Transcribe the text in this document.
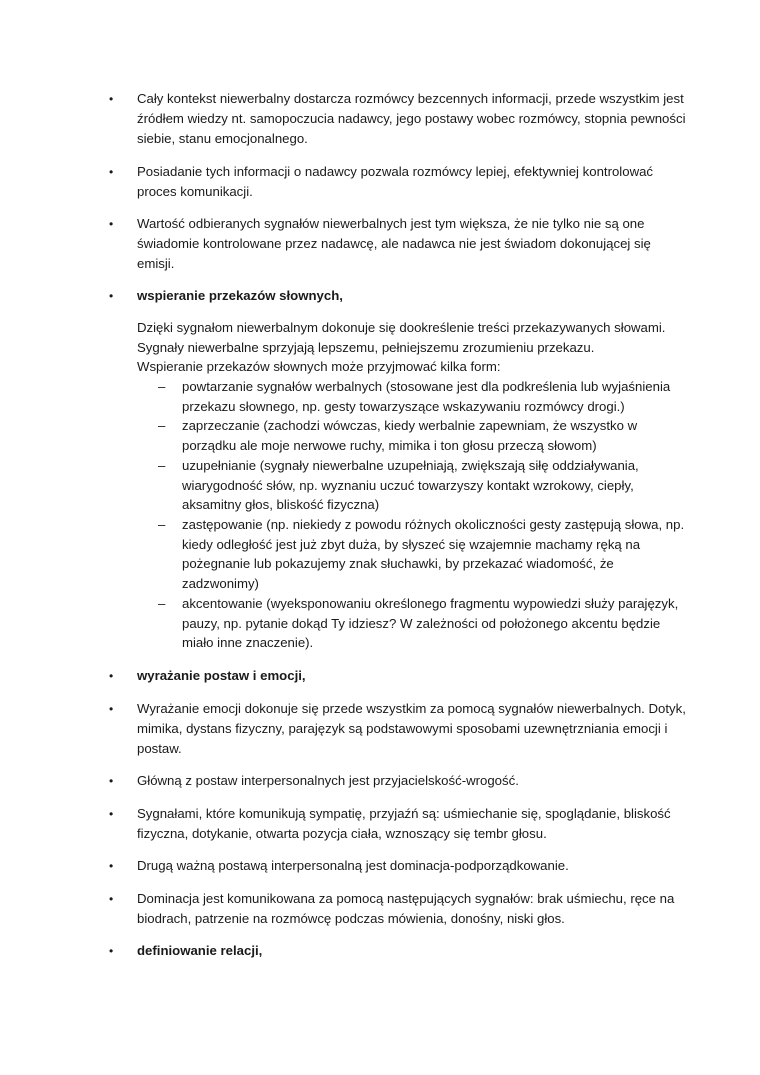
• Cały kontekst niewerbalny dostarcza rozmówcy bezcennych informacji, przede wszystkim jest źródłem wiedzy nt. samopoczucia nadawcy, jego postawy wobec rozmówcy, stopnia pewności siebie, stanu emocjonalnego.
• Posiadanie tych informacji o nadawcy pozwala rozmówcy lepiej, efektywniej kontrolować proces komunikacji.
• Wartość odbieranych sygnałów niewerbalnych jest tym większa, że nie tylko nie są one świadomie kontrolowane przez nadawcę, ale nadawca nie jest świadom dokonującej się emisji.
• wspieranie przekazów słownych,
Dzięki sygnałom niewerbalnym dokonuje się dookreślenie treści przekazywanych słowami.
Sygnały niewerbalne sprzyjają lepszemu, pełniejszemu zrozumieniu przekazu.
Wspieranie przekazów słownych może przyjmować kilka form:
– powtarzanie sygnałów werbalnych (stosowane jest dla podkreślenia lub wyjaśnienia przekazu słownego, np. gesty towarzyszące wskazywaniu rozmówcy drogi.)
– zaprzeczanie (zachodzi wówczas, kiedy werbalnie zapewniam, że wszystko w porządku ale moje nerwowe ruchy, mimika i ton głosu przeczą słowom)
– uzupełnianie (sygnały niewerbalne uzupełniają, zwiększają siłę oddziaływania, wiarygodność słów, np. wyznaniu uczuć towarzyszy kontakt wzrokowy, ciepły, aksamitny głos, bliskość fizyczna)
– zastępowanie (np. niekiedy z powodu różnych okoliczności gesty zastępują słowa, np. kiedy odległość jest już zbyt duża, by słyszeć się wzajemnie machamy ręką na pożegnanie lub pokazujemy znak słuchawki, by przekazać wiadomość, że zadzwonimy)
– akcentowanie (wyeksponowaniu określonego fragmentu wypowiedzi służy parajęzyk, pauzy, np. pytanie dokąd Ty idziesz? W zależności od położonego akcentu będzie miało inne znaczenie).
• wyrażanie postaw i emocji,
• Wyrażanie emocji dokonuje się przede wszystkim za pomocą sygnałów niewerbalnych. Dotyk, mimika, dystans fizyczny, parajęzyk są podstawowymi sposobami uzewnętrzniania emocji i postaw.
• Główną z postaw interpersonalnych jest przyjacielskość-wrogość.
• Sygnałami, które komunikują sympatię, przyjaźń są: uśmiechanie się, spoglądanie, bliskość fizyczna, dotykanie, otwarta pozycja ciała, wznoszący się tembr głosu.
• Drugą ważną postawą interpersonalną jest dominacja-podporządkowanie.
• Dominacja jest komunikowana za pomocą następujących sygnałów: brak uśmiechu, ręce na biodrach, patrzenie na rozmówcę podczas mówienia, donośny, niski głos.
• definiowanie relacji,
